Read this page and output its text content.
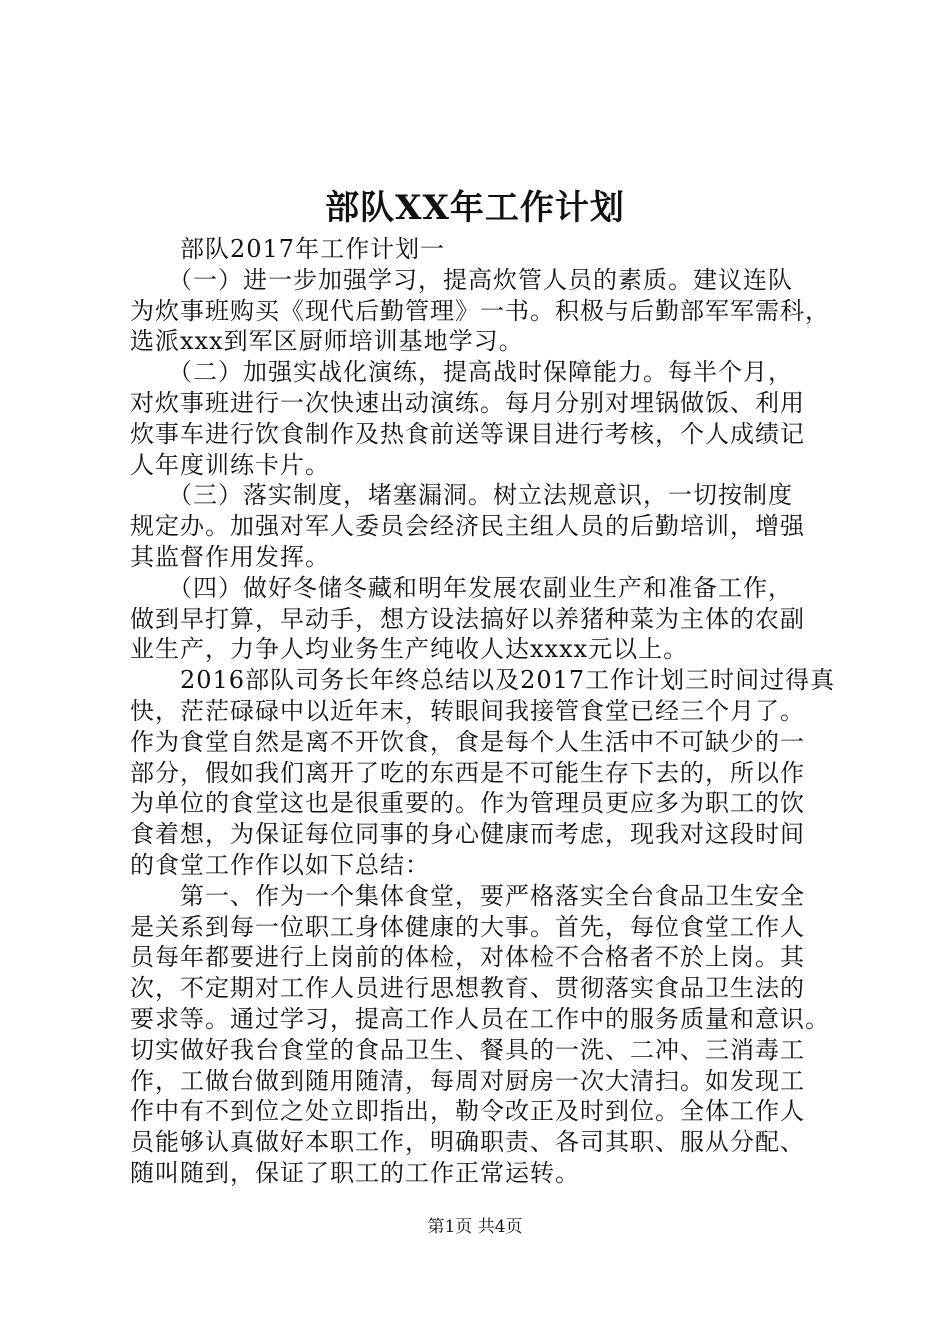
部队XX年工作计划
　　部队2017年工作计划一
　　（一）进一步加强学习，提高炊管人员的素质。建议连队
为炊事班购买《现代后勤管理》一书。积极与后勤部军军需科，
选派xxx到军区厨师培训基地学习。
　　（二）加强实战化演练，提高战时保障能力。每半个月，
对炊事班进行一次快速出动演练。每月分别对埋锅做饭、利用
炊事车进行饮食制作及热食前送等课目进行考核，个人成绩记
人年度训练卡片。
　　（三）落实制度，堵塞漏洞。树立法规意识，一切按制度
规定办。加强对军人委员会经济民主组人员的后勤培训，增强
其监督作用发挥。
　　（四）做好冬储冬藏和明年发展农副业生产和准备工作，
做到早打算，早动手，想方设法搞好以养猪种菜为主体的农副
业生产，力争人均业务生产纯收人达xxxx元以上。
　　2016部队司务长年终总结以及2017工作计划三时间过得真
快，茫茫碌碌中以近年末，转眼间我接管食堂已经三个月了。
作为食堂自然是离不开饮食，食是每个人生活中不可缺少的一
部分，假如我们离开了吃的东西是不可能生存下去的，所以作
为单位的食堂这也是很重要的。作为管理员更应多为职工的饮
食着想，为保证每位同事的身心健康而考虑，现我对这段时间
的食堂工作作以如下总结：
　　第一、作为一个集体食堂，要严格落实全台食品卫生安全
是关系到每一位职工身体健康的大事。首先，每位食堂工作人
员每年都要进行上岗前的体检，对体检不合格者不於上岗。其
次，不定期对工作人员进行思想教育、贯彻落实食品卫生法的
要求等。通过学习，提高工作人员在工作中的服务质量和意识。
切实做好我台食堂的食品卫生、餐具的一洗、二冲、三消毒工
作，工做台做到随用随清，每周对厨房一次大清扫。如发现工
作中有不到位之处立即指出，勒令改正及时到位。全体工作人
员能够认真做好本职工作，明确职责、各司其职、服从分配、
随叫随到，保证了职工的工作正常运转。
第1页 共4页
